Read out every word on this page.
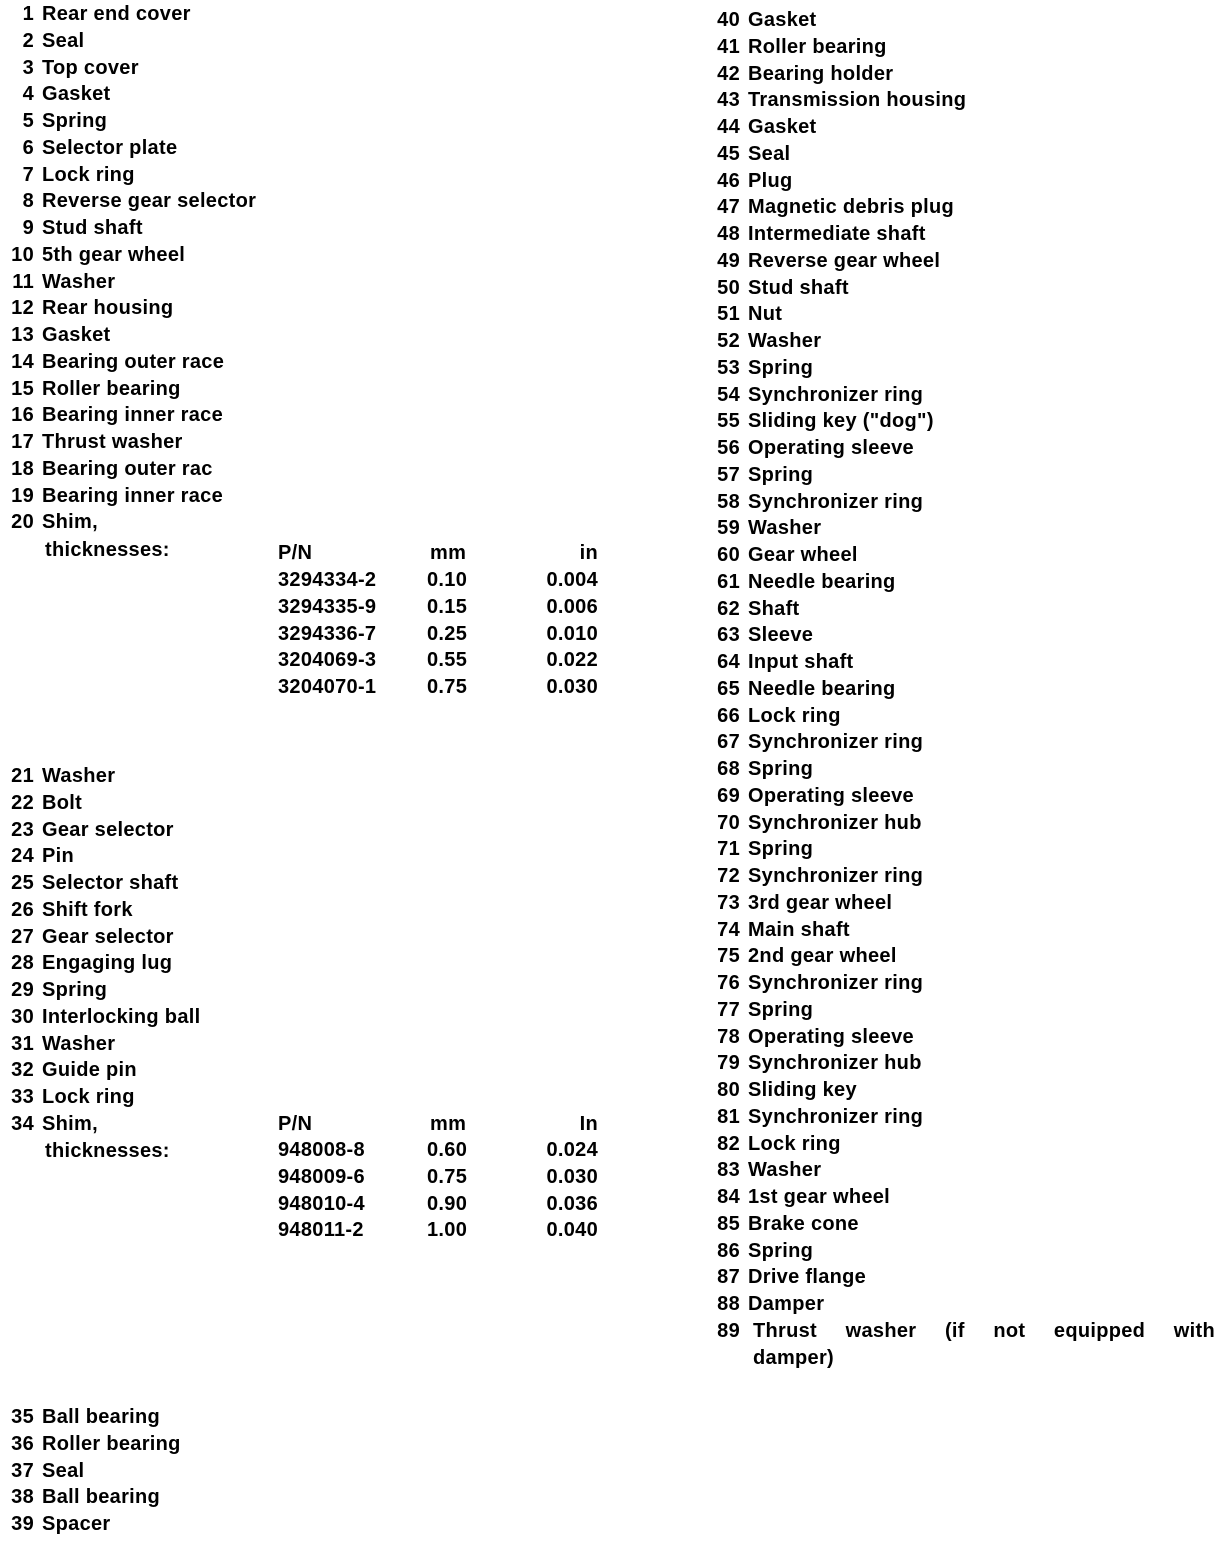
1 Rear end cover
2 Seal
3 Top cover
4 Gasket
5 Spring
6 Selector plate
7 Lock ring
8 Reverse gear selector
9 Stud shaft
10 5th gear wheel
11 Washer
12 Rear housing
13 Gasket
14 Bearing outer race
15 Roller bearing
16 Bearing inner race
17 Thrust washer
18 Bearing outer rac
19 Bearing inner race
20 Shim,
thicknesses:	P/N	mm	in
3294334-2	0.10	0.004
3294335-9	0.15	0.006
3294336-7	0.25	0.010
3204069-3	0.55	0.022
3204070-1	0.75	0.030
21 Washer
22 Bolt
23 Gear selector
24 Pin
25 Selector shaft
26 Shift fork
27 Gear selector
28 Engaging lug
29 Spring
30 Interlocking ball
31 Washer
32 Guide pin
33 Lock ring
34 Shim,
thicknesses:
P/N	mm	In
948008-8	0.60	0.024
948009-6	0.75	0.030
948010-4	0.90	0.036
948011-2	1.00	0.040
35 Ball bearing
36 Roller bearing
37 Seal
38 Ball bearing
39 Spacer
40 Gasket
41 Roller bearing
42 Bearing holder
43 Transmission housing
44 Gasket
45 Seal
46 Plug
47 Magnetic debris plug
48 Intermediate shaft
49 Reverse gear wheel
50 Stud shaft
51 Nut
52 Washer
53 Spring
54 Synchronizer ring
55 Sliding key ("dog")
56 Operating sleeve
57 Spring
58 Synchronizer ring
59 Washer
60 Gear wheel
61 Needle bearing
62 Shaft
63 Sleeve
64 Input shaft
65 Needle bearing
66 Lock ring
67 Synchronizer ring
68 Spring
69 Operating sleeve
70 Synchronizer hub
71 Spring
72 Synchronizer ring
73 3rd gear wheel
74 Main shaft
75 2nd gear wheel
76 Synchronizer ring
77 Spring
78 Operating sleeve
79 Synchronizer hub
80 Sliding key
81 Synchronizer ring
82 Lock ring
83 Washer
84 1st gear wheel
85 Brake cone
86 Spring
87 Drive flange
88 Damper
89 Thrust washer (if not equipped with
damper)
